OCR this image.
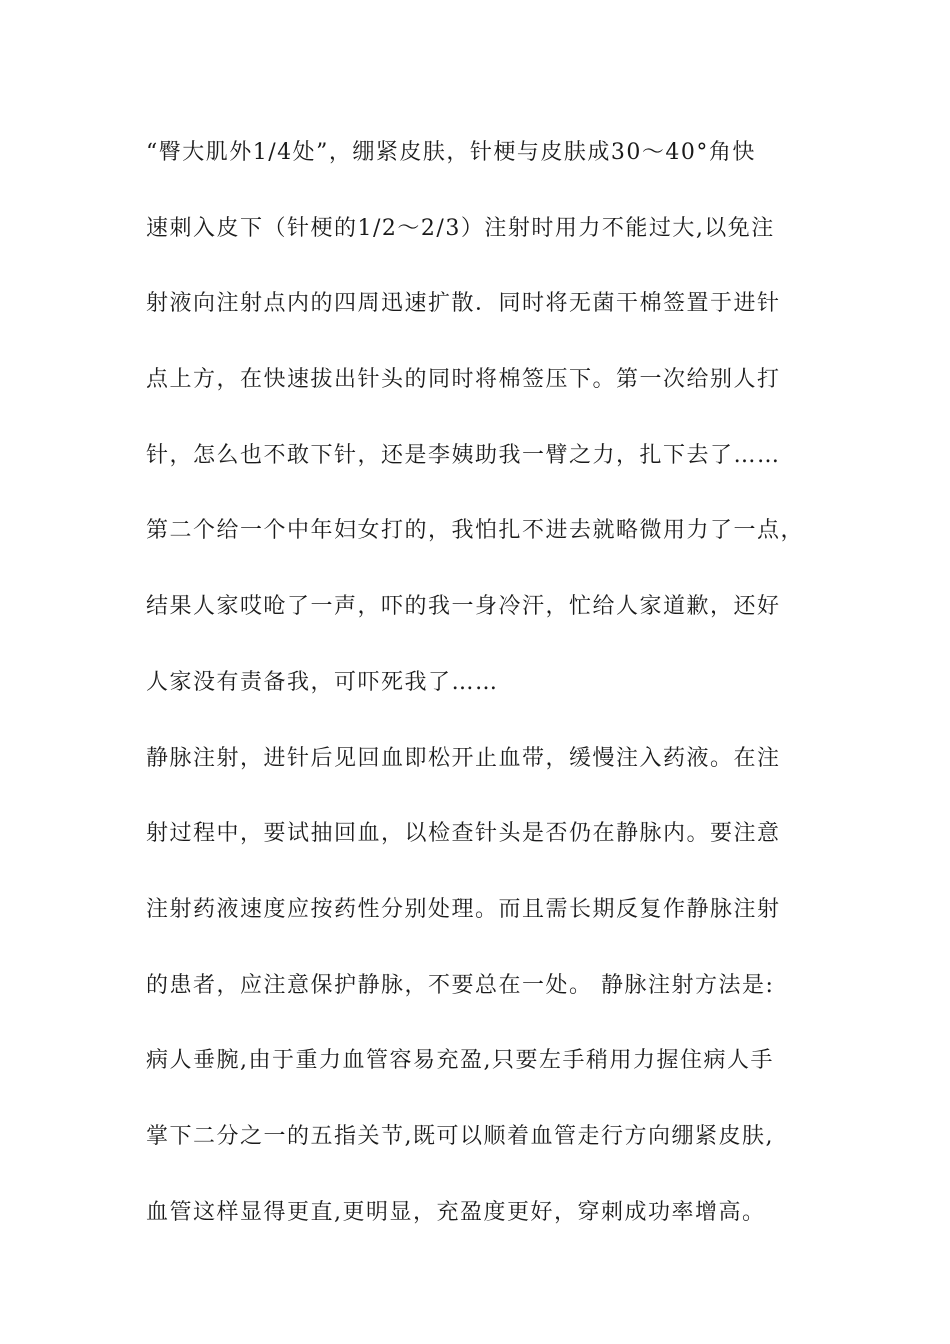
“臀大肌外1/4处”，绷紧皮肤，针梗与皮肤成30～40°角快
速刺入皮下（针梗的1/2～2/3）注射时用力不能过大,以免注
射液向注射点内的四周迅速扩散．同时将无菌干棉签置于进针
点上方，在快速拔出针头的同时将棉签压下。第一次给别人打
针，怎么也不敢下针，还是李姨助我一臂之力，扎下去了……
第二个给一个中年妇女打的，我怕扎不进去就略微用力了一点，
结果人家哎呛了一声，吓的我一身冷汗，忙给人家道歉，还好
人家没有责备我，可吓死我了……
静脉注射，进针后见回血即松开止血带，缓慢注入药液。在注
射过程中，要试抽回血，以检查针头是否仍在静脉内。要注意
注射药液速度应按药性分别处理。而且需长期反复作静脉注射
的患者，应注意保护静脉，不要总在一处。 静脉注射方法是:
病人垂腕,由于重力血管容易充盈,只要左手稍用力握住病人手
掌下二分之一的五指关节,既可以顺着血管走行方向绷紧皮肤,
血管这样显得更直,更明显，充盈度更好，穿刺成功率增高。
